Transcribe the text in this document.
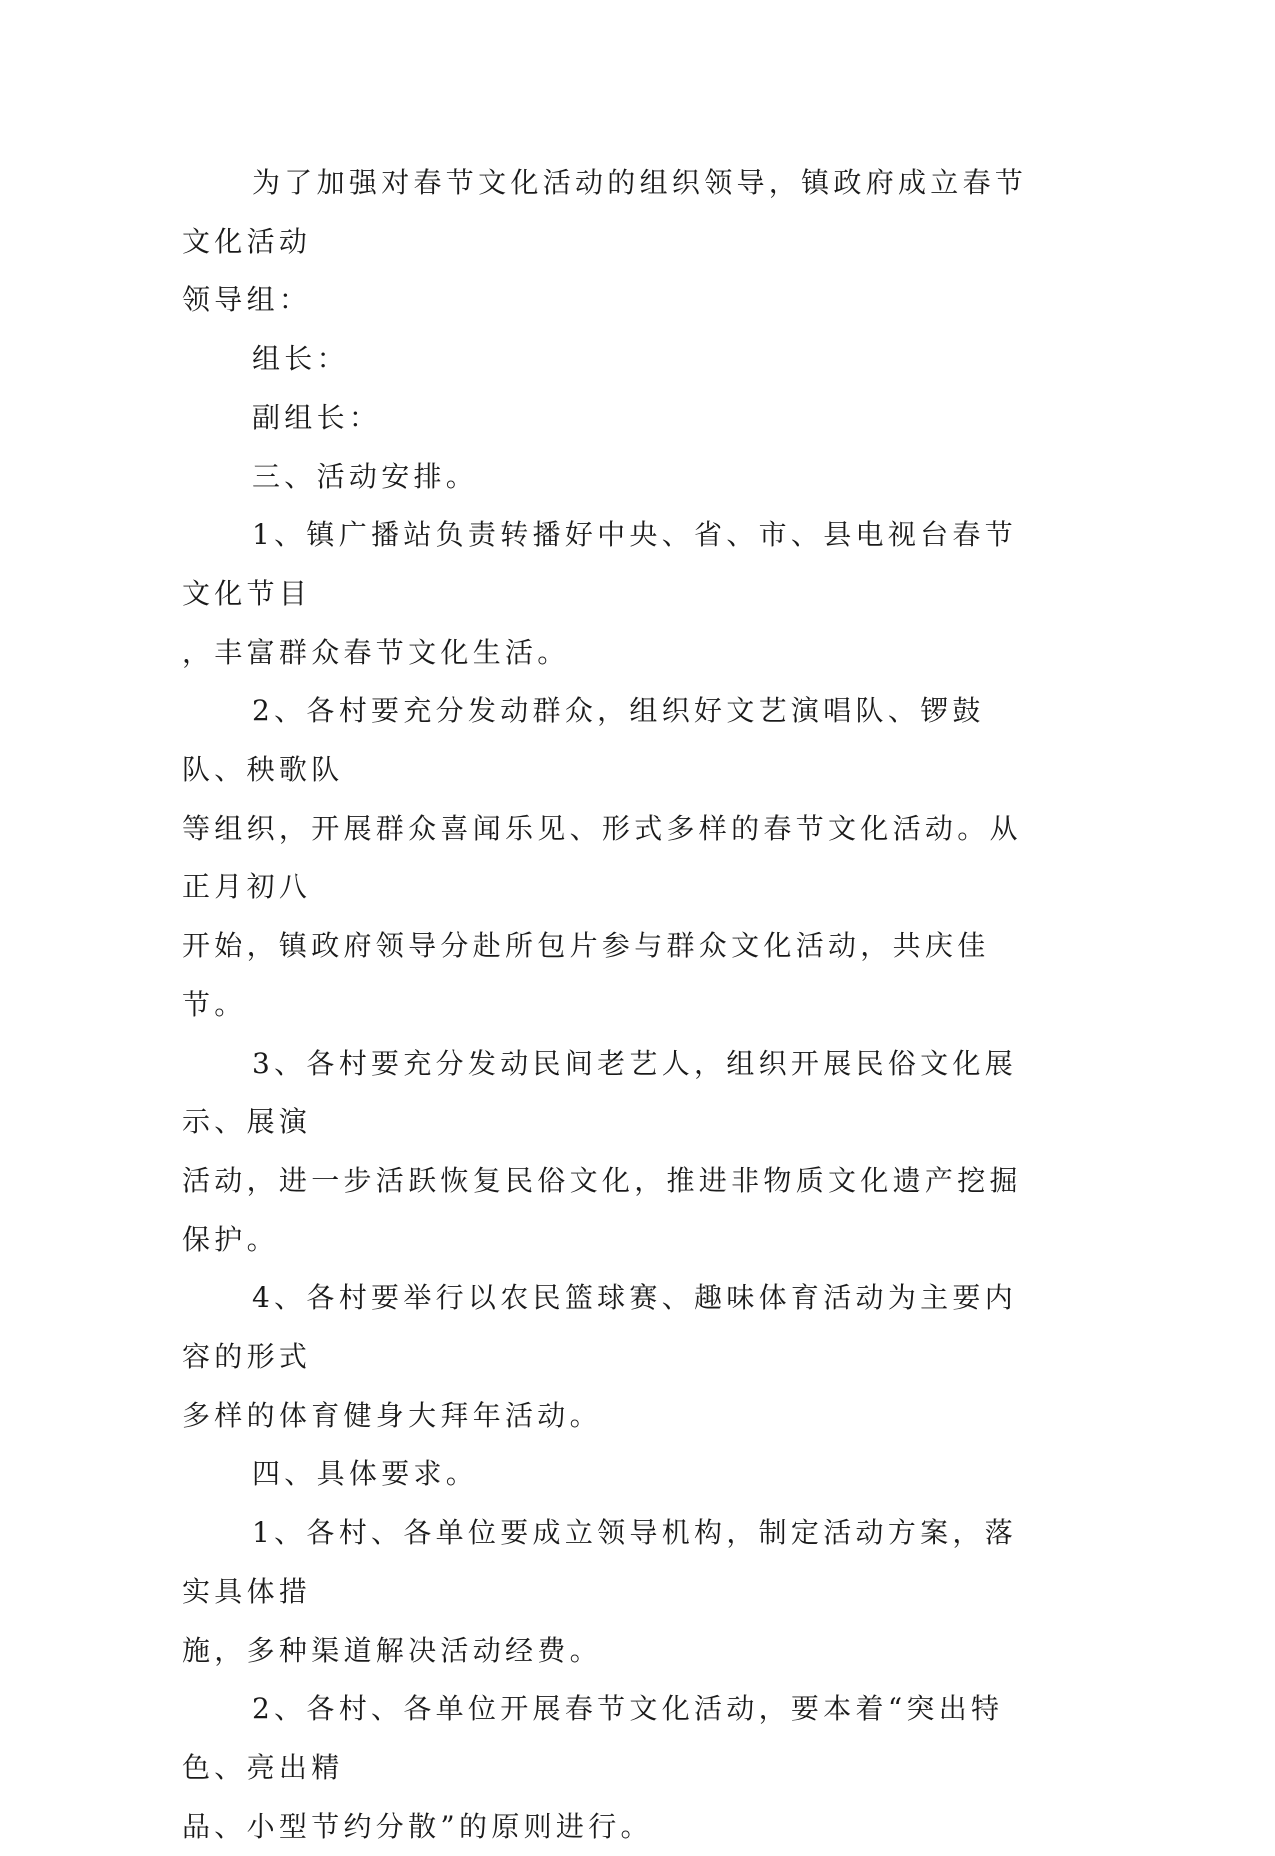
为了加强对春节文化活动的组织领导，镇政府成立春节文化活动
领导组：

组长：

副组长：

三、活动安排。

1、镇广播站负责转播好中央、省、市、县电视台春节文化节目
，丰富群众春节文化生活。

2、各村要充分发动群众，组织好文艺演唱队、锣鼓队、秧歌队
等组织，开展群众喜闻乐见、形式多样的春节文化活动。从正月初八
开始，镇政府领导分赴所包片参与群众文化活动，共庆佳节。

3、各村要充分发动民间老艺人，组织开展民俗文化展示、展演
活动，进一步活跃恢复民俗文化，推进非物质文化遗产挖掘保护。

4、各村要举行以农民篮球赛、趣味体育活动为主要内容的形式
多样的体育健身大拜年活动。

四、具体要求。

1、各村、各单位要成立领导机构，制定活动方案，落实具体措
施，多种渠道解决活动经费。

2、各村、各单位开展春节文化活动，要本着“突出特色、亮出精
品、小型节约分散”的原则进行。
